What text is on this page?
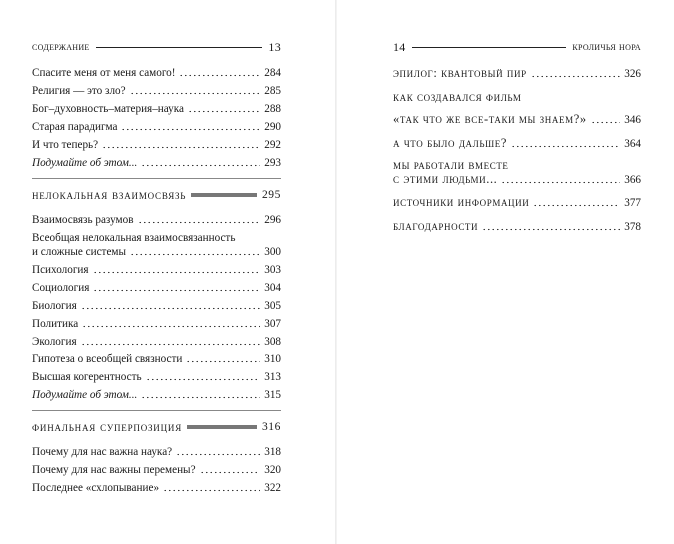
содержание	13
Спасите меня от меня самого!	284
Религия — это зло?	285
Бог–духовность–материя–наука	288
Старая парадигма	290
И что теперь?	292
Подумайте об этом...	293
нелокальная взаимосвязь	295
Взаимосвязь разумов	296
Всеобщая нелокальная взаимосвязанность
и сложные системы	300
Психология	303
Социология	304
Биология	305
Политика	307
Экология	308
Гипотеза о всеобщей связности	310
Высшая когерентность	313
Подумайте об этом...	315
финальная суперпозиция	316
Почему для нас важна наука?	318
Почему для нас важны перемены?	320
Последнее «схлопывание»	322
14	кроличья нора
эпилог: квантовый пир	326
как создавался фильм
«так что же все-таки мы знаем?»	346
а что было дальше?	364
мы работали вместе
с этими людьми...	366
источники информации	377
благодарности	378
